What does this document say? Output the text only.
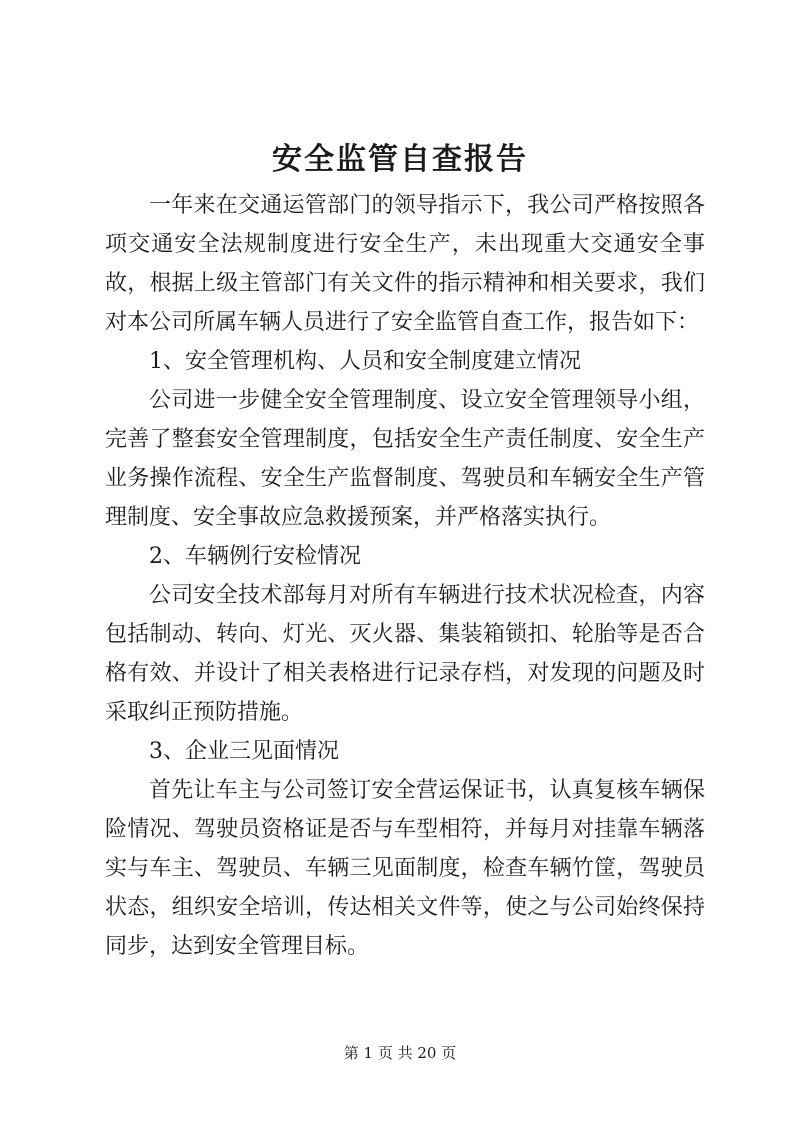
安全监管自查报告

一年来在交通运管部门的领导指示下，我公司严格按照各项交通安全法规制度进行安全生产，未出现重大交通安全事故，根据上级主管部门有关文件的指示精神和相关要求，我们对本公司所属车辆人员进行了安全监管自查工作，报告如下：

1、安全管理机构、人员和安全制度建立情况

公司进一步健全安全管理制度、设立安全管理领导小组，完善了整套安全管理制度，包括安全生产责任制度、安全生产业务操作流程、安全生产监督制度、驾驶员和车辆安全生产管理制度、安全事故应急救援预案，并严格落实执行。

2、车辆例行安检情况

公司安全技术部每月对所有车辆进行技术状况检查，内容包括制动、转向、灯光、灭火器、集装箱锁扣、轮胎等是否合格有效、并设计了相关表格进行记录存档，对发现的问题及时采取纠正预防措施。

3、企业三见面情况

首先让车主与公司签订安全营运保证书，认真复核车辆保险情况、驾驶员资格证是否与车型相符，并每月对挂靠车辆落实与车主、驾驶员、车辆三见面制度，检查车辆竹筐，驾驶员状态，组织安全培训，传达相关文件等，使之与公司始终保持同步，达到安全管理目标。

第 1 页 共 20 页
